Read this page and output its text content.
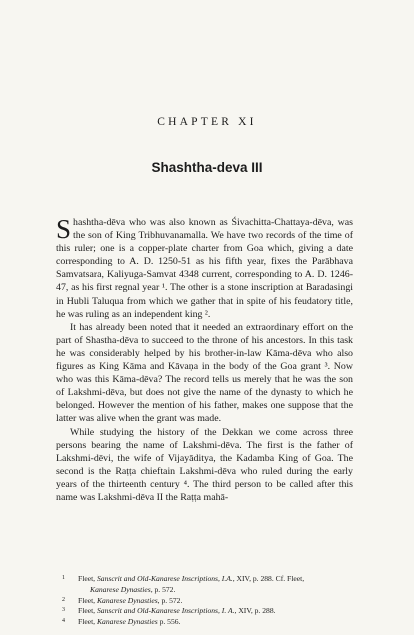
CHAPTER XI
Shashtha-deva III

Shashtha-dēva who was also known as Śivachitta-Chattaya-dēva, was the son of King Tribhuvanamalla. We have two records of the time of this ruler; one is a copper-plate charter from Goa which, giving a date corresponding to A. D. 1250-51 as his fifth year, fixes the Parābhava Samvatsara, Kaliyuga-Samvat 4348 current, corresponding to A. D. 1246-47, as his first regnal year ¹. The other is a stone inscription at Baradasingi in Hubli Taluqua from which we gather that in spite of his feudatory title, he was ruling as an independent king ².

It has already been noted that it needed an extraordinary effort on the part of Shastha-dēva to succeed to the throne of his ancestors. In this task he was considerably helped by his brother-in-law Kāma-dēva who also figures as King Kāma and Kāvaṇa in the body of the Goa grant ³. Now who was this Kāma-dēva? The record tells us merely that he was the son of Lakshmi-dēva, but does not give the name of the dynasty to which he belonged. However the mention of his father, makes one suppose that the latter was alive when the grant was made.

While studying the history of the Dekkan we come across three persons bearing the name of Lakshmi-dēva. The first is the father of Lakshmi-dēvi, the wife of Vijayāditya, the Kadamba King of Goa. The second is the Raṭṭa chieftain Lakshmi-dēva who ruled during the early years of the thirteenth century ⁴. The third person to be called after this name was Lakshmi-dēva II the Raṭṭa mahā-

1 Fleet, Sanscrit and Old-Kanarese Inscriptions, I.A., XIV, p. 288. Cf. Fleet,
Kanarese Dynasties, p. 572.
2 Fleet, Kanarese Dynasties, p. 572.
3 Fleet, Sanscrit and Old-Kanarese Inscriptions, I. A., XIV, p. 288.
4 Fleet, Kanarese Dynasties p. 556.
